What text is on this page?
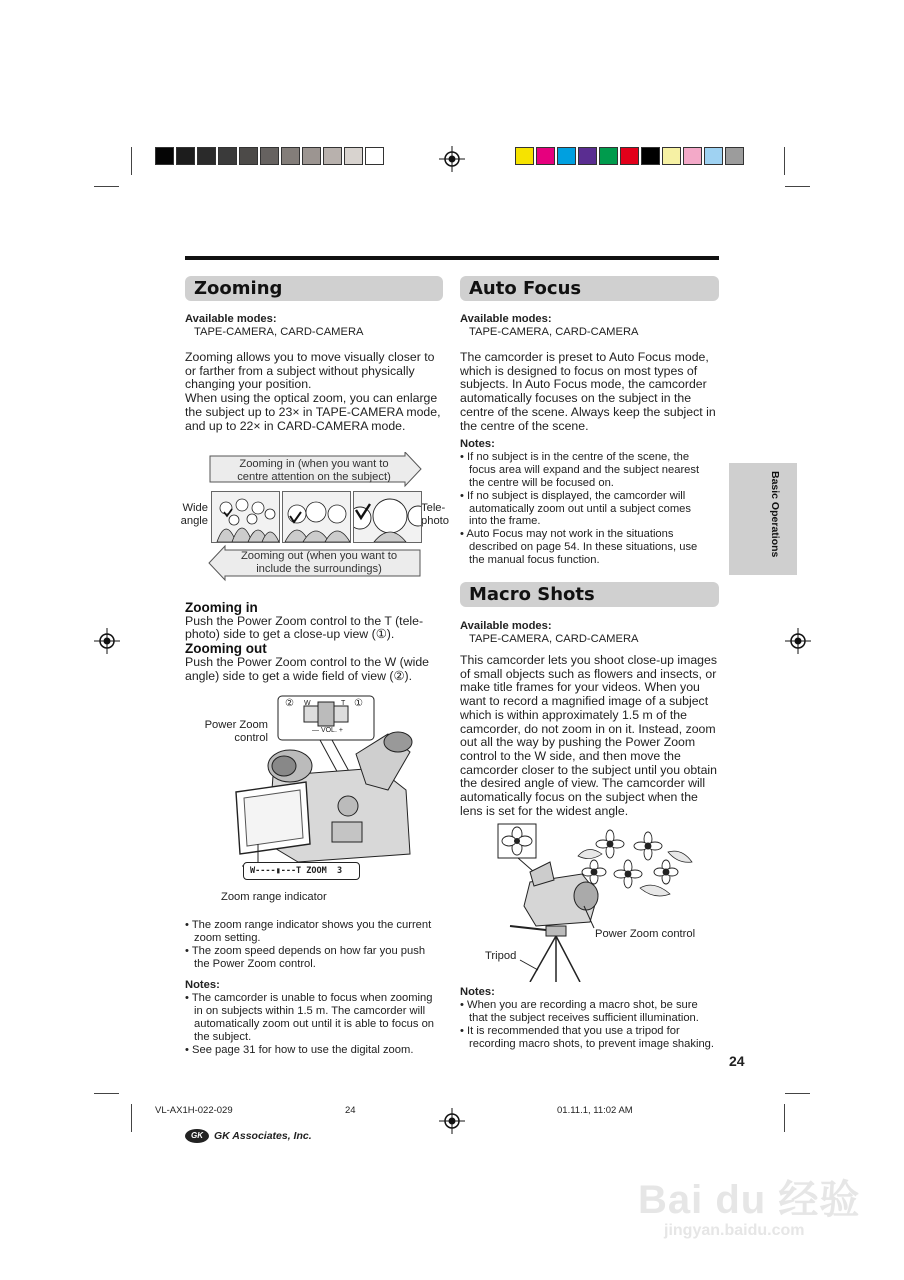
Zooming
Available modes:
TAPE-CAMERA, CARD-CAMERA
Zooming allows you to move visually closer to
or farther from a subject without physically
changing your position.
When using the optical zoom, you can enlarge
the subject up to 23× in TAPE-CAMERA mode,
and up to 22× in CARD-CAMERA mode.
Zooming in (when you want to
centre attention on the subject)
Zooming out (when you want to
include the surroundings)
Wide
angle
Tele-
photo
Zooming in
Push the Power Zoom control to the T (tele-
photo) side to get a close-up view (①).
Zooming out
Push the Power Zoom control to the W (wide
angle) side to get a wide field of view (②).
Power Zoom
control
②	①
W	T
— VOL. +
W----▮---T ZOOM  3
Zoom range indicator
• The zoom range indicator shows you the current
zoom setting.
• The zoom speed depends on how far you push
the Power Zoom control.
Notes:
• The camcorder is unable to focus when zooming
in on subjects within 1.5 m. The camcorder will
automatically zoom out until it is able to focus on
the subject.
• See page 31 for how to use the digital zoom.
Auto Focus
Available modes:
TAPE-CAMERA, CARD-CAMERA
The camcorder is preset to Auto Focus mode,
which is designed to focus on most types of
subjects. In Auto Focus mode, the camcorder
automatically focuses on the subject in the
centre of the scene. Always keep the subject in
the centre of the scene.
Notes:
• If no subject is in the centre of the scene, the
focus area will expand and the subject nearest
the centre will be focused on.
• If no subject is displayed, the camcorder will
automatically zoom out until a subject comes
into the frame.
• Auto Focus may not work in the situations
described on page 54. In these situations, use
the manual focus function.
Macro Shots
Available modes:
TAPE-CAMERA, CARD-CAMERA
This camcorder lets you shoot close-up images
of small objects such as flowers and insects, or
make title frames for your videos. When you
want to record a magnified image of a subject
which is within approximately 1.5 m of the
camcorder, do not zoom in on it. Instead, zoom
out all the way by pushing the Power Zoom
control to the W side, and then move the
camcorder closer to the subject until you obtain
the desired angle of view. The camcorder will
automatically focus on the subject when the
lens is set for the widest angle.
Power Zoom control
Tripod
Notes:
• When you are recording a macro shot, be sure
that the subject receives sufficient illumination.
• It is recommended that you use a tripod for
recording macro shots, to prevent image shaking.
Basic Operations
24
VL-AX1H-022-029	24	01.11.1, 11:02 AM
GK	GK Associates, Inc.
Bai du 经验
jingyan.baidu.com
